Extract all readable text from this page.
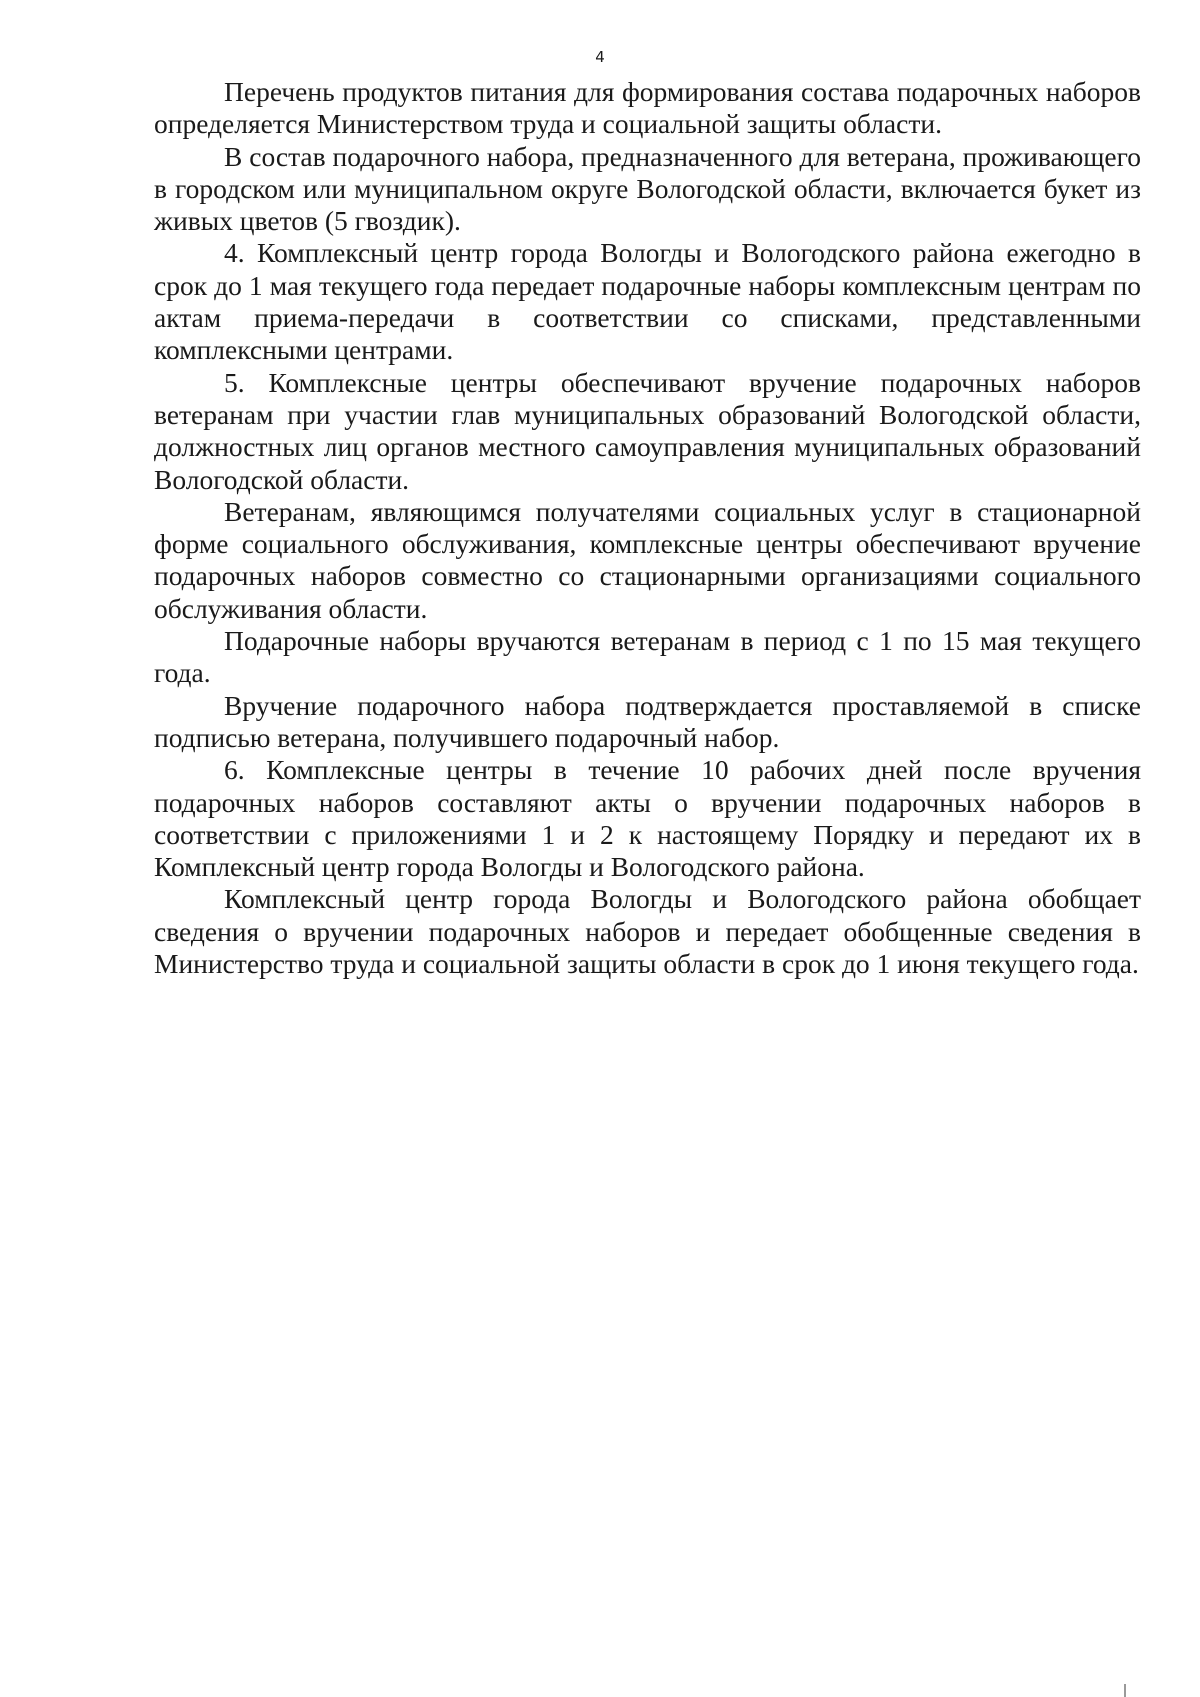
4

Перечень продуктов питания для формирования состава подарочных наборов определяется Министерством труда и социальной защиты области.

В состав подарочного набора, предназначенного для ветерана, проживающего в городском или муниципальном округе Вологодской области, включается букет из живых цветов (5 гвоздик).

4. Комплексный центр города Вологды и Вологодского района ежегодно в срок до 1 мая текущего года передает подарочные наборы комплексным центрам по актам приема-передачи в соответствии со списками, представленными комплексными центрами.

5. Комплексные центры обеспечивают вручение подарочных наборов ветеранам при участии глав муниципальных образований Вологодской области, должностных лиц органов местного самоуправления муниципальных образований Вологодской области.

Ветеранам, являющимся получателями социальных услуг в стационарной форме социального обслуживания, комплексные центры обеспечивают вручение подарочных наборов совместно со стационарными организациями социального обслуживания области.

Подарочные наборы вручаются ветеранам в период с 1 по 15 мая текущего года.

Вручение подарочного набора подтверждается проставляемой в списке подписью ветерана, получившего подарочный набор.

6. Комплексные центры в течение 10 рабочих дней после вручения подарочных наборов составляют акты о вручении подарочных наборов в соответствии с приложениями 1 и 2 к настоящему Порядку и передают их в Комплексный центр города Вологды и Вологодского района.

Комплексный центр города Вологды и Вологодского района обобщает сведения о вручении подарочных наборов и передает обобщенные сведения в Министерство труда и социальной защиты области в срок до 1 июня текущего года.
